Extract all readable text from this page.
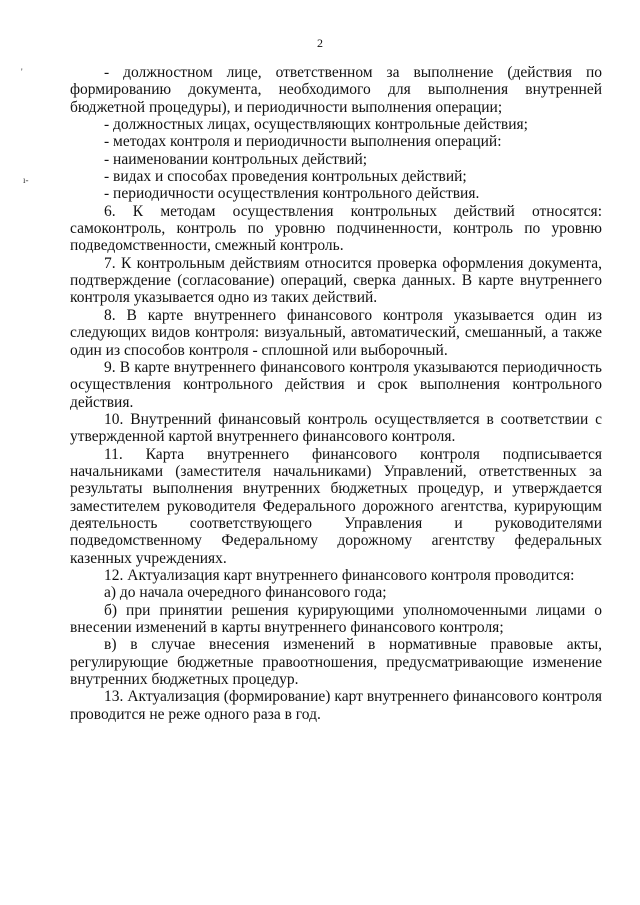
2
'
ı-

- должностном лице, ответственном за выполнение (действия по формированию документа, необходимого для выполнения внутренней бюджетной процедуры), и периодичности выполнения операции;

- должностных лицах, осуществляющих контрольные действия;

- методах контроля и периодичности выполнения операций:

- наименовании контрольных действий;

- видах и способах проведения контрольных действий;

- периодичности осуществления контрольного действия.

6. К методам осуществления контрольных действий относятся: самоконтроль, контроль по уровню подчиненности, контроль по уровню подведомственности, смежный контроль.

7. К контрольным действиям относится проверка оформления документа, подтверждение (согласование) операций, сверка данных. В карте внутреннего контроля указывается одно из таких действий.

8. В карте внутреннего финансового контроля указывается один из следующих видов контроля: визуальный, автоматический, смешанный, а также один из способов контроля - сплошной или выборочный.

9. В карте внутреннего финансового контроля указываются периодичность осуществления контрольного действия и срок выполнения контрольного действия.

10. Внутренний финансовый контроль осуществляется в соответствии с утвержденной картой внутреннего финансового контроля.

11. Карта внутреннего финансового контроля подписывается начальниками (заместителя начальниками) Управлений, ответственных за результаты выполнения внутренних бюджетных процедур, и утверждается заместителем руководителя Федерального дорожного агентства, курирующим деятельность соответствующего Управления и руководителями подведомственному Федеральному дорожному агентству федеральных казенных учреждениях.

12. Актуализация карт внутреннего финансового контроля проводится:

а) до начала очередного финансового года;

б) при принятии решения курирующими уполномоченными лицами о внесении изменений в карты внутреннего финансового контроля;

в) в случае внесения изменений в нормативные правовые акты, регулирующие бюджетные правоотношения, предусматривающие изменение внутренних бюджетных процедур.

13. Актуализация (формирование) карт внутреннего финансового контроля проводится не реже одного раза в год.
